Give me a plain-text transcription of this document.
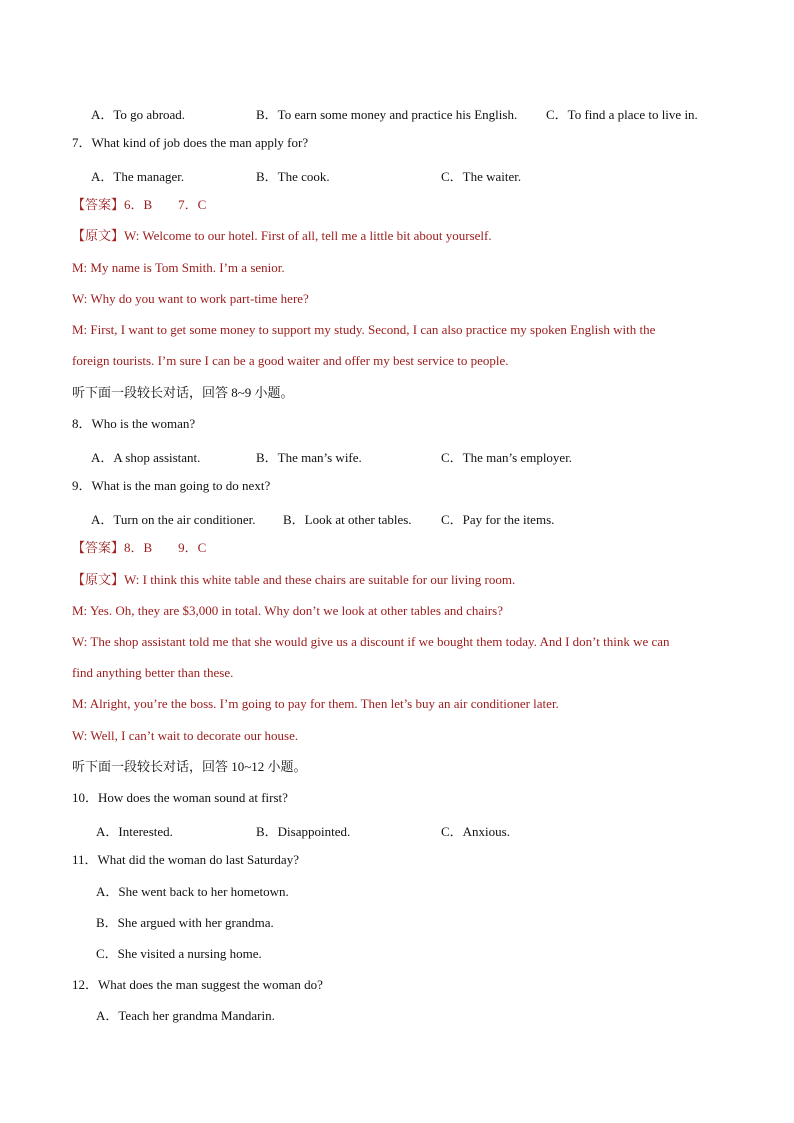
A．To go abroad.	B．To earn some money and practice his English. C．To find a place to live in.
7．What kind of job does the man apply for?
A．The manager.	B．The cook.	C．The waiter.
【答案】6．B　　7．C
【原文】W: Welcome to our hotel. First of all, tell me a little bit about yourself.
M: My name is Tom Smith. I’m a senior.
W: Why do you want to work part-time here?
M: First, I want to get some money to support my study. Second, I can also practice my spoken English with the
foreign tourists. I’m sure I can be a good waiter and offer my best service to people.
听下面一段较长对话，回答 8~9 小题。
8．Who is the woman?
A．A shop assistant.	B．The man’s wife.	C．The man’s employer.
9．What is the man going to do next?
A．Turn on the air conditioner. B．Look at other tables. C．Pay for the items.
【答案】8．B　　9．C
【原文】W: I think this white table and these chairs are suitable for our living room.
M: Yes. Oh, they are $3,000 in total. Why don’t we look at other tables and chairs?
W: The shop assistant told me that she would give us a discount if we bought them today. And I don’t think we can
find anything better than these.
M: Alright, you’re the boss. I’m going to pay for them. Then let’s buy an air conditioner later.
W: Well, I can’t wait to decorate our house.
听下面一段较长对话，回答 10~12 小题。
10．How does the woman sound at first?
A．Interested.	B．Disappointed.	C．Anxious.
11．What did the woman do last Saturday?
A．She went back to her hometown.
B．She argued with her grandma.
C．She visited a nursing home.
12．What does the man suggest the woman do?
A．Teach her grandma Mandarin.
